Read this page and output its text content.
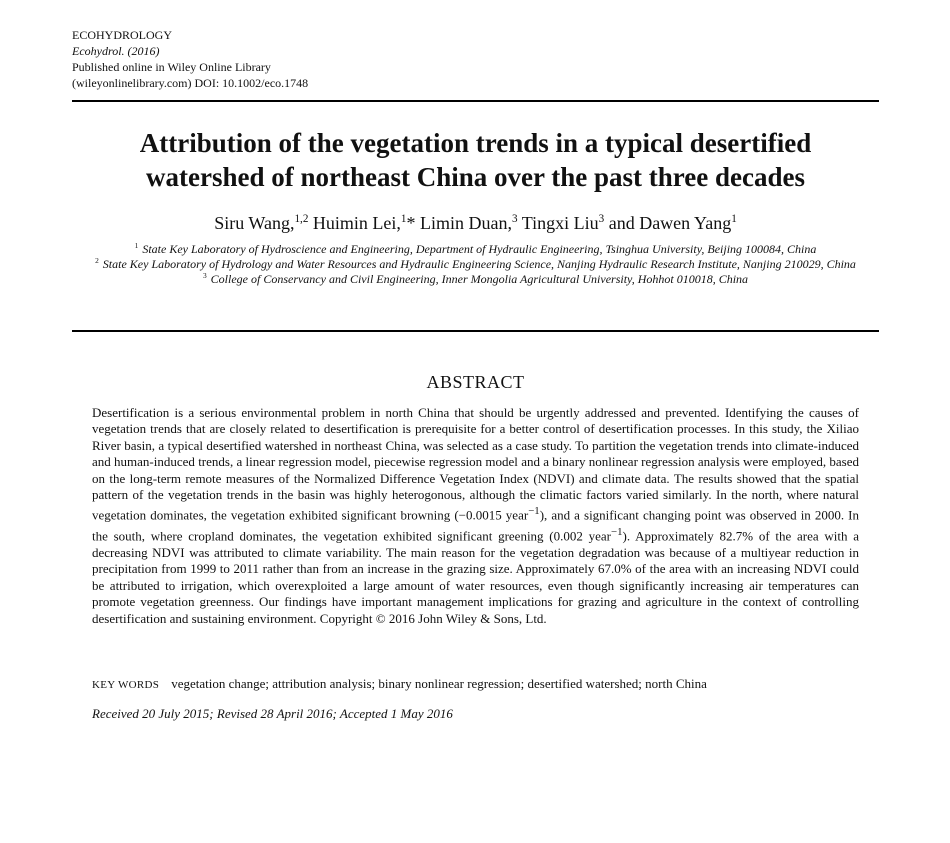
ECOHYDROLOGY
Ecohydrol. (2016)
Published online in Wiley Online Library
(wileyonlinelibrary.com) DOI: 10.1002/eco.1748
Attribution of the vegetation trends in a typical desertified
watershed of northeast China over the past three decades
Siru Wang,$^{1,2}$ Huimin Lei,$^1$* Limin Duan,$^3$ Tingxi Liu$^3$ and Dawen Yang$^1$

$^1$ State Key Laboratory of Hydroscience and Engineering, Department of Hydraulic Engineering, Tsinghua University, Beijing 100084, China

$^2$ State Key Laboratory of Hydrology and Water Resources and Hydraulic Engineering Science, Nanjing Hydraulic Research Institute, Nanjing 210029, China

$^3$ College of Conservancy and Civil Engineering, Inner Mongolia Agricultural University, Hohhot 010018, China

ABSTRACT

Desertification is a serious environmental problem in north China that should be urgently addressed and prevented. Identifying the causes of vegetation trends that are closely related to desertification is prerequisite for a better control of desertification processes. In this study, the Xiliao River basin, a typical desertified watershed in northeast China, was selected as a case study. To partition the vegetation trends into climate-induced and human-induced trends, a linear regression model, piecewise regression model and a binary nonlinear regression analysis were employed, based on the long-term remote measures of the Normalized Difference Vegetation Index (NDVI) and climate data. The results showed that the spatial pattern of the vegetation trends in the basin was highly heterogonous, although the climatic factors varied similarly. In the north, where natural vegetation dominates, the vegetation exhibited significant browning (−0.0015 year$^{-1}$), and a significant changing point was observed in 2000. In the south, where cropland dominates, the vegetation exhibited significant greening (0.002 year$^{-1}$). Approximately 82.7% of the area with a decreasing NDVI was attributed to climate variability. The main reason for the vegetation degradation was because of a multiyear reduction in precipitation from 1999 to 2011 rather than from an increase in the grazing size. Approximately 67.0% of the area with an increasing NDVI could be attributed to irrigation, which overexploited a large amount of water resources, even though significantly increasing air temperatures can promote vegetation greenness. Our findings have important management implications for grazing and agriculture in the context of controlling desertification and sustaining environment. Copyright © 2016 John Wiley & Sons, Ltd.

KEY WORDS vegetation change; attribution analysis; binary nonlinear regression; desertified watershed; north China
Received 20 July 2015; Revised 28 April 2016; Accepted 1 May 2016
